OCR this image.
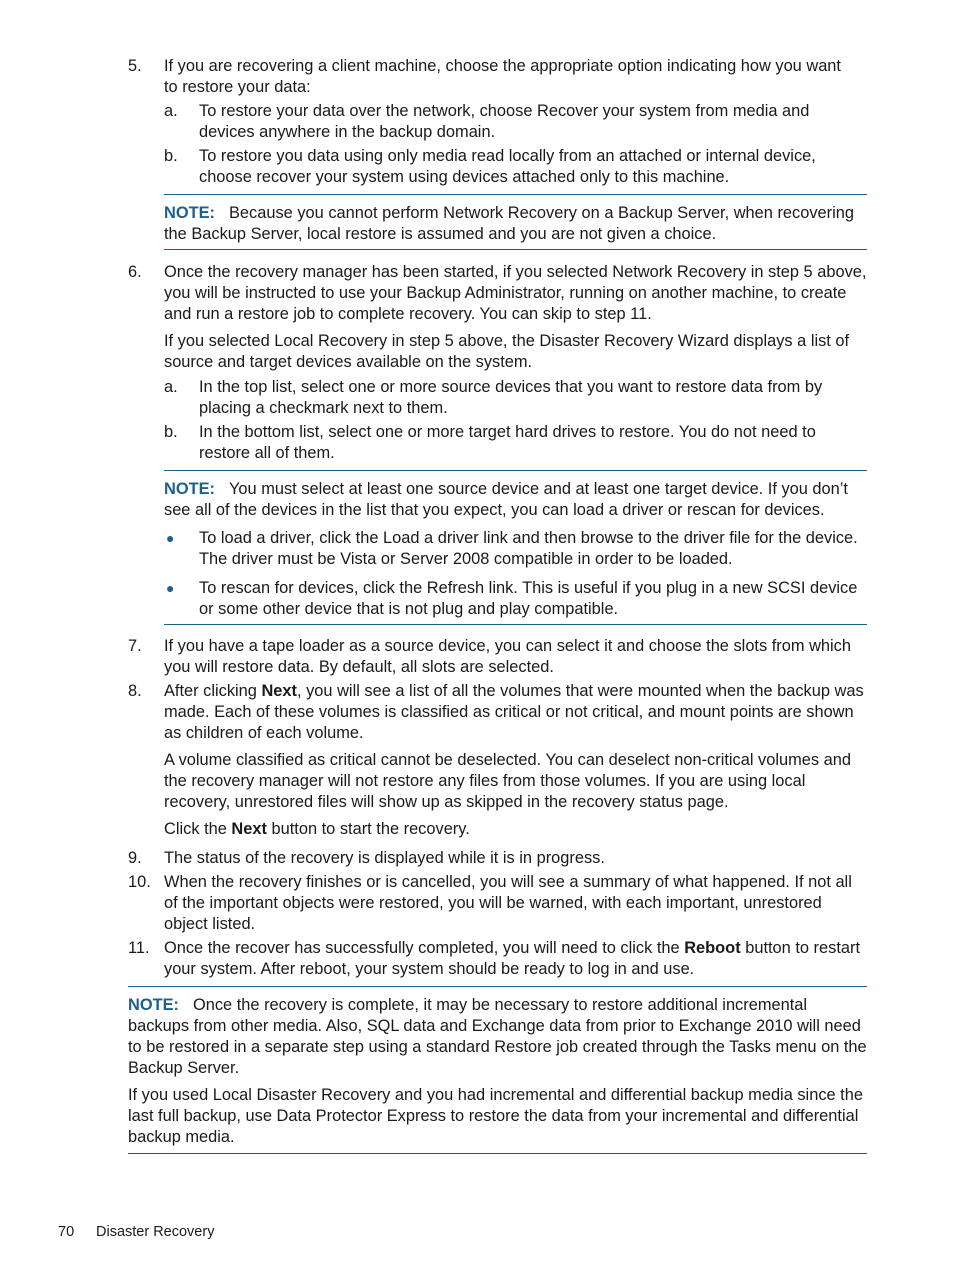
5. If you are recovering a client machine, choose the appropriate option indicating how you want to restore your data:

a. To restore your data over the network, choose Recover your system from media and devices anywhere in the backup domain.

b. To restore you data using only media read locally from an attached or internal device, choose recover your system using devices attached only to this machine.

NOTE: Because you cannot perform Network Recovery on a Backup Server, when recovering the Backup Server, local restore is assumed and you are not given a choice.

6. Once the recovery manager has been started, if you selected Network Recovery in step 5 above, you will be instructed to use your Backup Administrator, running on another machine, to create and run a restore job to complete recovery. You can skip to step 11.

If you selected Local Recovery in step 5 above, the Disaster Recovery Wizard displays a list of source and target devices available on the system.

a. In the top list, select one or more source devices that you want to restore data from by placing a checkmark next to them.

b. In the bottom list, select one or more target hard drives to restore. You do not need to restore all of them.

NOTE: You must select at least one source device and at least one target device. If you don’t see all of the devices in the list that you expect, you can load a driver or rescan for devices.

● To load a driver, click the Load a driver link and then browse to the driver file for the device. The driver must be Vista or Server 2008 compatible in order to be loaded.

● To rescan for devices, click the Refresh link. This is useful if you plug in a new SCSI device or some other device that is not plug and play compatible.

7. If you have a tape loader as a source device, you can select it and choose the slots from which you will restore data. By default, all slots are selected.

8. After clicking Next, you will see a list of all the volumes that were mounted when the backup was made. Each of these volumes is classified as critical or not critical, and mount points are shown as children of each volume.

A volume classified as critical cannot be deselected. You can deselect non-critical volumes and the recovery manager will not restore any files from those volumes. If you are using local recovery, unrestored files will show up as skipped in the recovery status page.

Click the Next button to start the recovery.

9. The status of the recovery is displayed while it is in progress.

10. When the recovery finishes or is cancelled, you will see a summary of what happened. If not all of the important objects were restored, you will be warned, with each important, unrestored object listed.

11. Once the recover has successfully completed, you will need to click the Reboot button to restart your system. After reboot, your system should be ready to log in and use.

NOTE: Once the recovery is complete, it may be necessary to restore additional incremental backups from other media. Also, SQL data and Exchange data from prior to Exchange 2010 will need to be restored in a separate step using a standard Restore job created through the Tasks menu on the Backup Server.

If you used Local Disaster Recovery and you had incremental and differential backup media since the last full backup, use Data Protector Express to restore the data from your incremental and differential backup media.

70 Disaster Recovery
